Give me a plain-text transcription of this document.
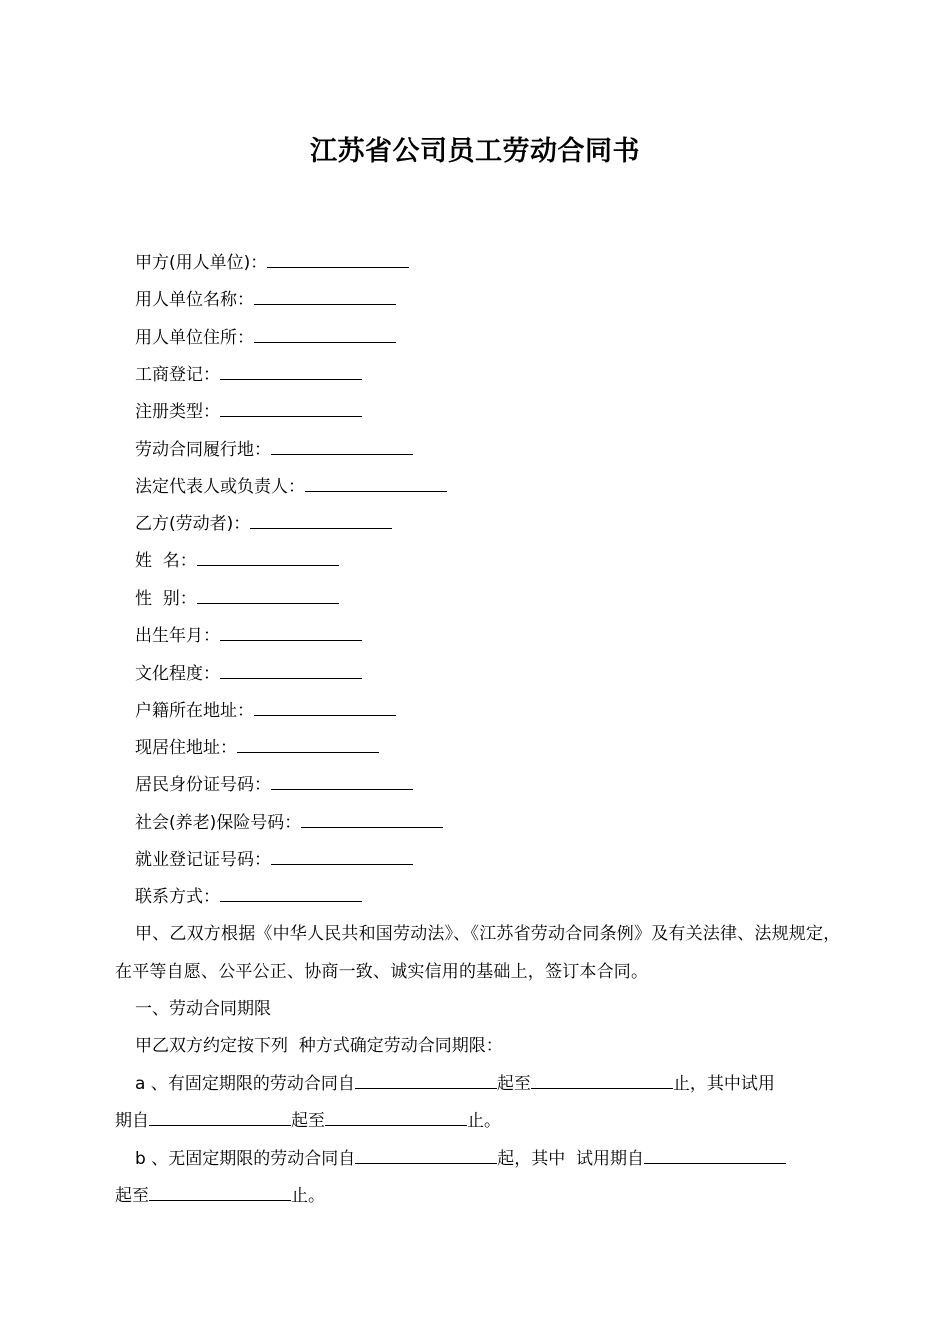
江苏省公司员工劳动合同书
甲方(用人单位)：
用人单位名称：
用人单位住所：
工商登记：
注册类型：
劳动合同履行地：
法定代表人或负责人：
乙方(劳动者)：
姓  名：
性  别：
出生年月：
文化程度：
户籍所在地址：
现居住地址：
居民身份证号码：
社会(养老)保险号码：
就业登记证号码：
联系方式：
甲、乙双方根据《中华人民共和国劳动法》、《江苏省劳动合同条例》及有关法律、法规规定，在平等自愿、公平公正、协商一致、诚实信用的基础上，签订本合同。
一、劳动合同期限
甲乙双方约定按下列  种方式确定劳动合同期限：
a 、有固定期限的劳动合同自	起至	止，其中试用
期自	起至	止。
b 、无固定期限的劳动合同自	起，其中  试用期自
起至	止。
